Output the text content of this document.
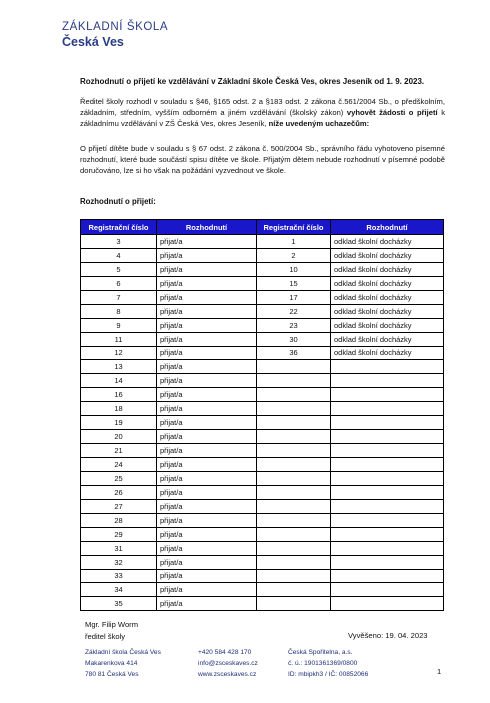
ZÁKLADNÍ ŠKOLA
Česká Ves
Rozhodnutí o přijetí ke vzdělávání v Základní škole Česká Ves, okres Jeseník od 1. 9. 2023.
Ředitel školy rozhodl v souladu s §46, §165 odst. 2 a §183 odst. 2 zákona č.561/2004 Sb., o předškolním, základním, středním, vyšším odborném a jiném vzdělávání (školský zákon) vyhovět žádosti o přijetí k základnímu vzdělávání v ZŠ Česká Ves, okres Jeseník, níže uvedeným uchazečům:
O přijetí dítěte bude v souladu s § 67 odst. 2 zákona č. 500/2004 Sb., správního řádu vyhotoveno písemné rozhodnutí, které bude součástí spisu dítěte ve škole. Přijatým dětem nebude rozhodnutí v písemné podobě doručováno, lze si ho však na požádání vyzvednout ve škole.
Rozhodnutí o přijetí:
Registrační číslo	Rozhodnutí	Registrační číslo	Rozhodnutí
3	přijat/a	1	odklad školní docházky
4	přijat/a	2	odklad školní docházky
5	přijat/a	10	odklad školní docházky
6	přijat/a	15	odklad školní docházky
7	přijat/a	17	odklad školní docházky
8	přijat/a	22	odklad školní docházky
9	přijat/a	23	odklad školní docházky
11	přijat/a	30	odklad školní docházky
12	přijat/a	36	odklad školní docházky
13	přijat/a		
14	přijat/a		
16	přijat/a		
18	přijat/a		
19	přijat/a		
20	přijat/a		
21	přijat/a		
24	přijat/a		
25	přijat/a		
26	přijat/a		
27	přijat/a		
28	přijat/a		
29	přijat/a		
31	přijat/a		
32	přijat/a		
33	přijat/a		
34	přijat/a		
35	přijat/a		
Mgr. Filip Worm
ředitel školy	Vyvěšeno: 19. 04. 2023
Základní škola Česká Ves
Makarenkova 414
780 81 Česká Ves
+420 584 428 170
info@zsceskaves.cz
www.zsceskaves.cz
Česká Spořitelna, a.s.
č. ú.: 1901361369/0800
ID: mbipkh3 / IČ: 00852066	1
